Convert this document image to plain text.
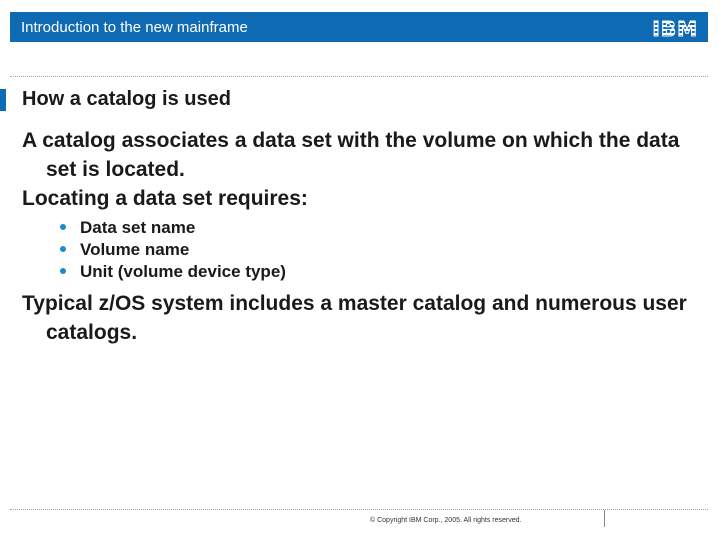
Introduction to the new mainframe	IBM
How a catalog is used

A catalog associates a data set with the volume on which the data set is located.

Locating a data set requires:

Data set name
Volume name
Unit (volume device type)

Typical z/OS system includes a master catalog and numerous user catalogs.

© Copyright IBM Corp., 2005. All rights reserved.
